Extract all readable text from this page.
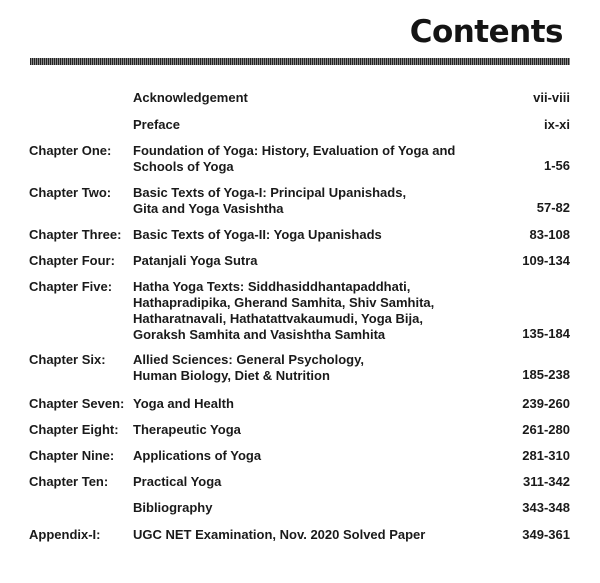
Contents
Acknowledgement	vii-viii
Preface	ix-xi
Chapter One: Foundation of Yoga: History, Evaluation of Yoga and
Schools of Yoga	1-56
Chapter Two: Basic Texts of Yoga-I: Principal Upanishads,
Gita and Yoga Vasishtha	57-82
Chapter Three: Basic Texts of Yoga-II: Yoga Upanishads	83-108
Chapter Four: Patanjali Yoga Sutra	109-134
Chapter Five: Hatha Yoga Texts: Siddhasiddhantapaddhati,
Hathapradipika, Gherand Samhita, Shiv Samhita,
Hatharatnavali, Hathatattvakaumudi, Yoga Bija,
Goraksh Samhita and Vasishtha Samhita	135-184
Chapter Six: Allied Sciences: General Psychology,
Human Biology, Diet & Nutrition	185-238
Chapter Seven: Yoga and Health	239-260
Chapter Eight: Therapeutic Yoga	261-280
Chapter Nine: Applications of Yoga	281-310
Chapter Ten: Practical Yoga	311-342
Bibliography	343-348
Appendix-I:	UGC NET Examination, Nov. 2020 Solved Paper	349-361
